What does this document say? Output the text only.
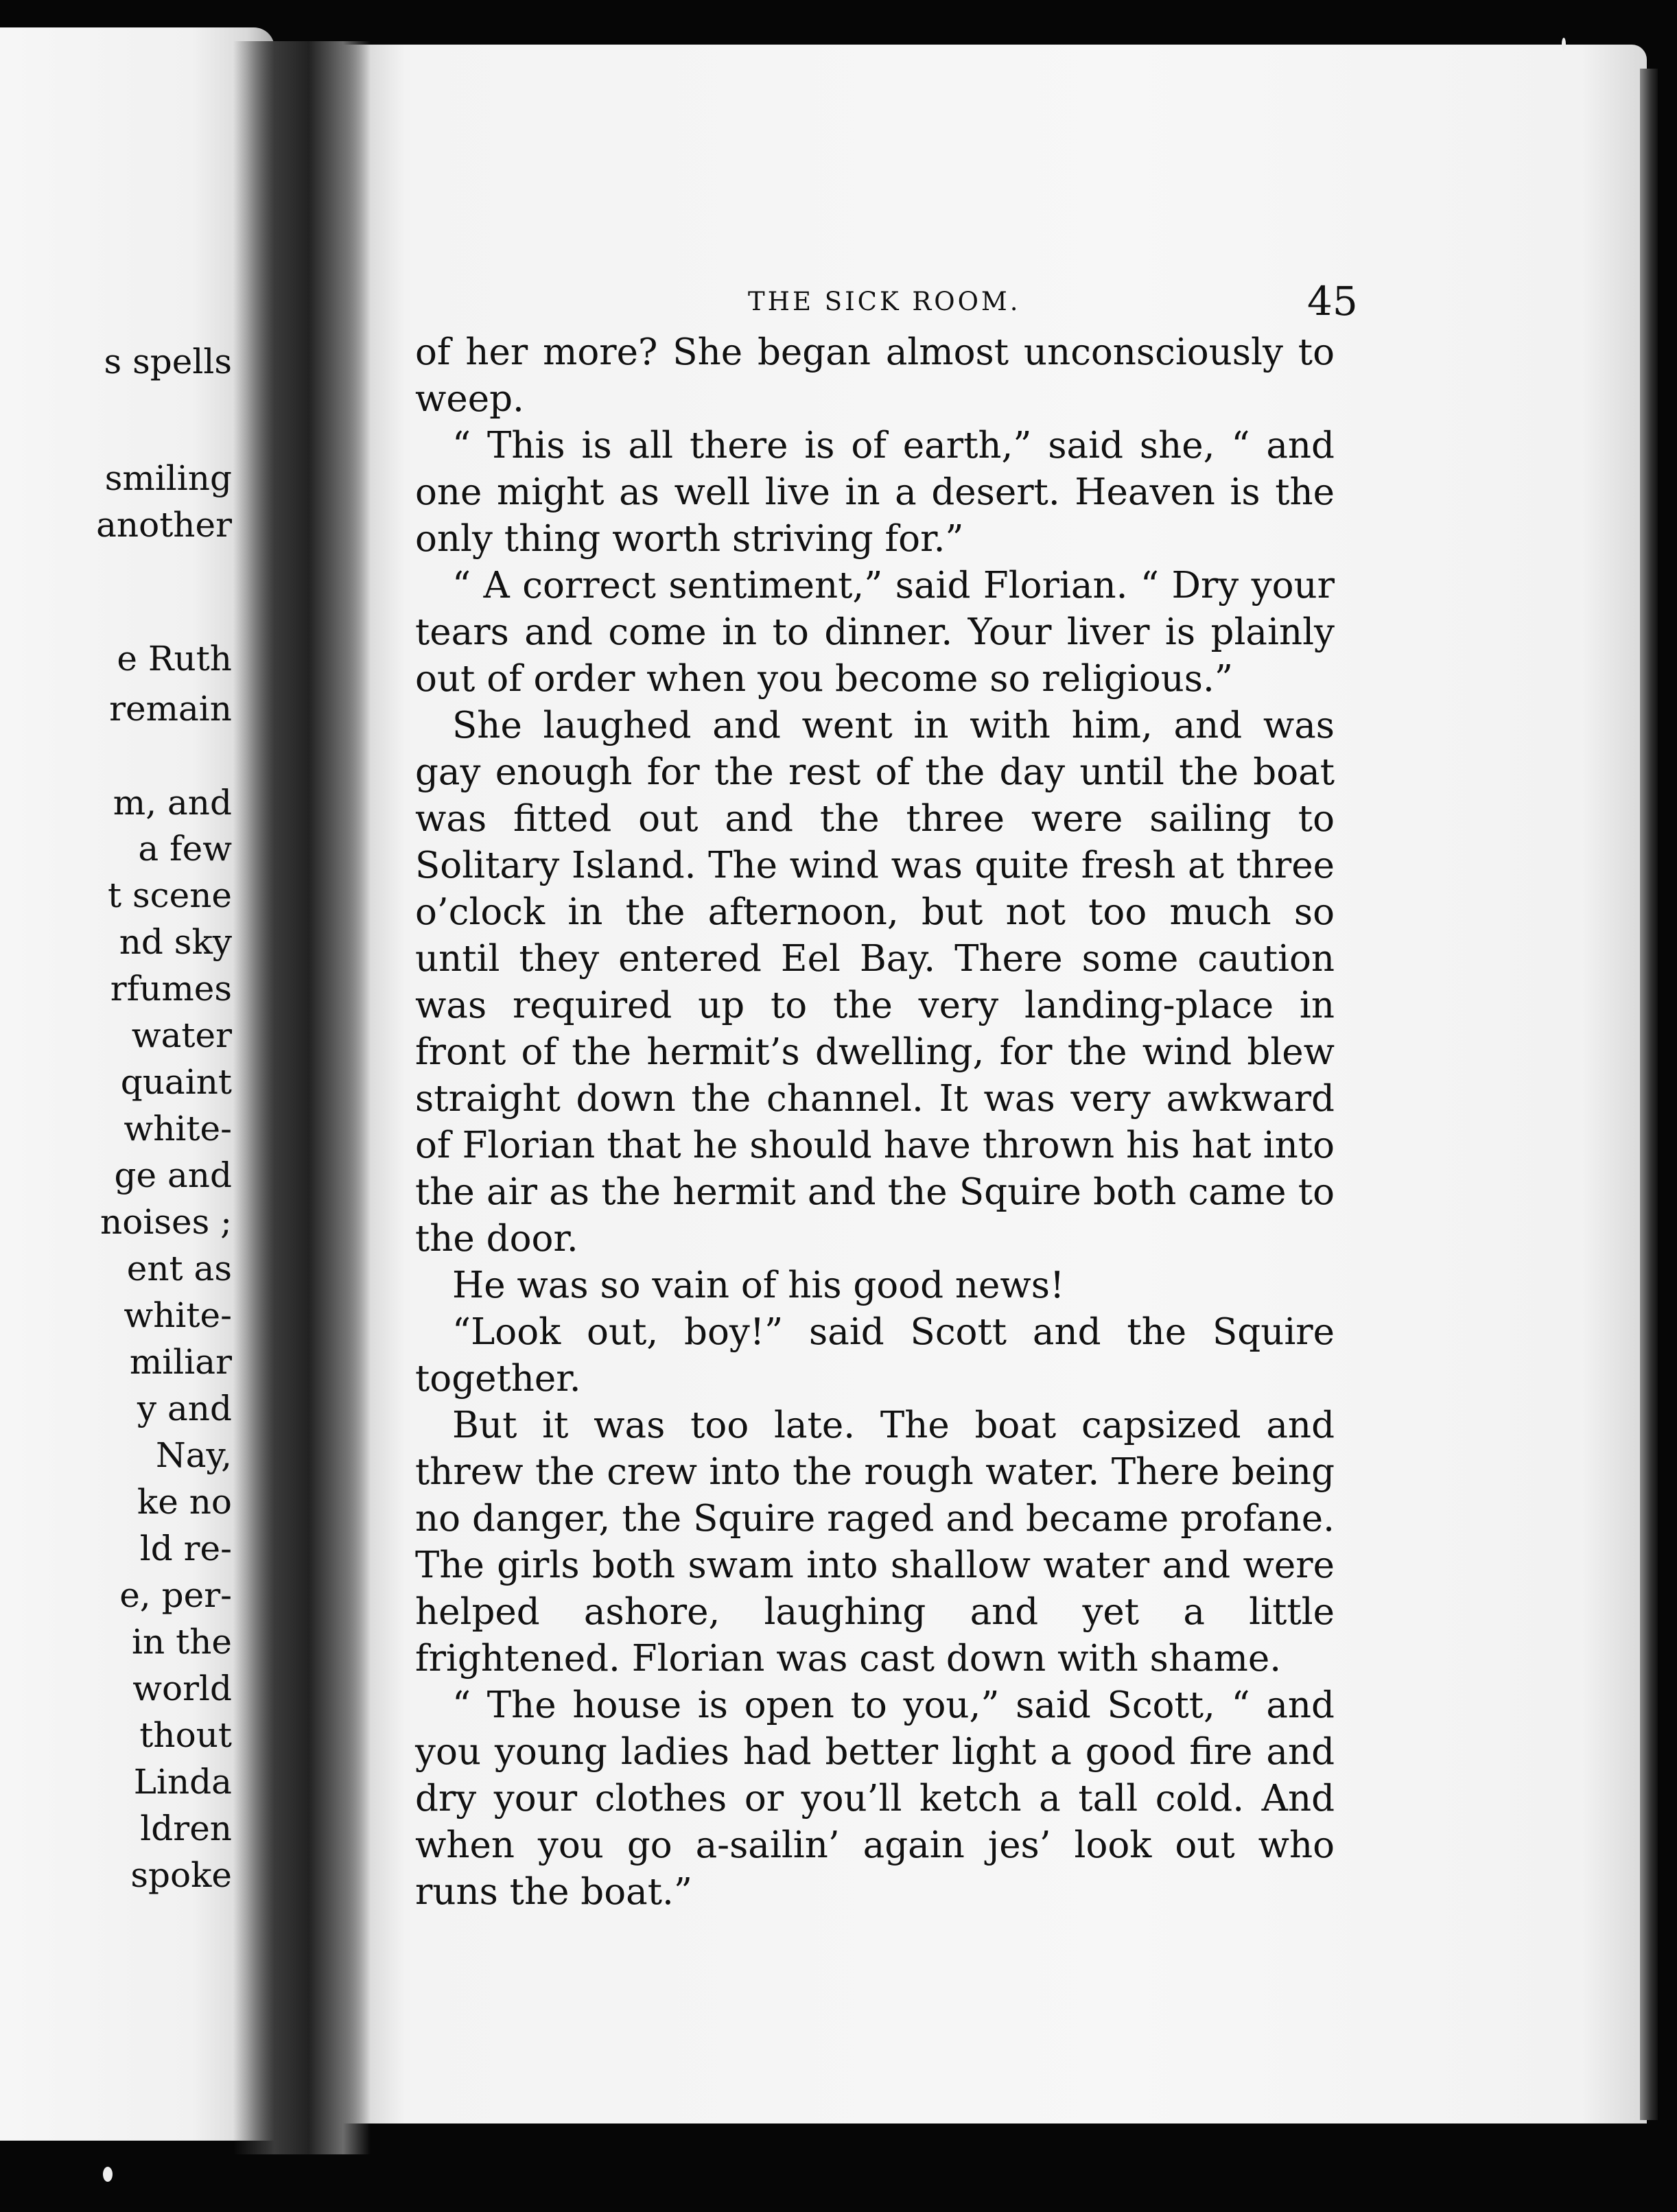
s spells
smiling
another
e Ruth
remain
m, and
a few
t scene
nd sky
rfumes
water
quaint
white-
ge and
noises ;
ent as
white-
miliar
y and
Nay,
ke no
ld re-
e, per-
in the
world
thout
Linda
ldren
spoke
THE SICK ROOM.	45

of her more? She began almost unconsciously to weep.

“ This is all there is of earth,” said she, “ and one might as well live in a desert. Heaven is the only thing worth striving for.”

“ A correct sentiment,” said Florian. “ Dry your tears and come in to dinner. Your liver is plainly out of order when you become so religious.”

She laughed and went in with him, and was gay enough for the rest of the day until the boat was fitted out and the three were sailing to Solitary Island. The wind was quite fresh at three o’clock in the afternoon, but not too much so until they entered Eel Bay. There some caution was required up to the very landing-place in front of the hermit’s dwelling, for the wind blew straight down the channel. It was very awkward of Florian that he should have thrown his hat into the air as the hermit and the Squire both came to the door.

He was so vain of his good news!

“Look out, boy!” said Scott and the Squire together.

But it was too late. The boat capsized and threw the crew into the rough water. There being no danger, the Squire raged and became profane. The girls both swam into shallow water and were helped ashore, laughing and yet a little frightened. Florian was cast down with shame.

“ The house is open to you,” said Scott, “ and you young ladies had better light a good fire and dry your clothes or you’ll ketch a tall cold. And when you go a-sailin’ again jes’ look out who runs the boat.”
